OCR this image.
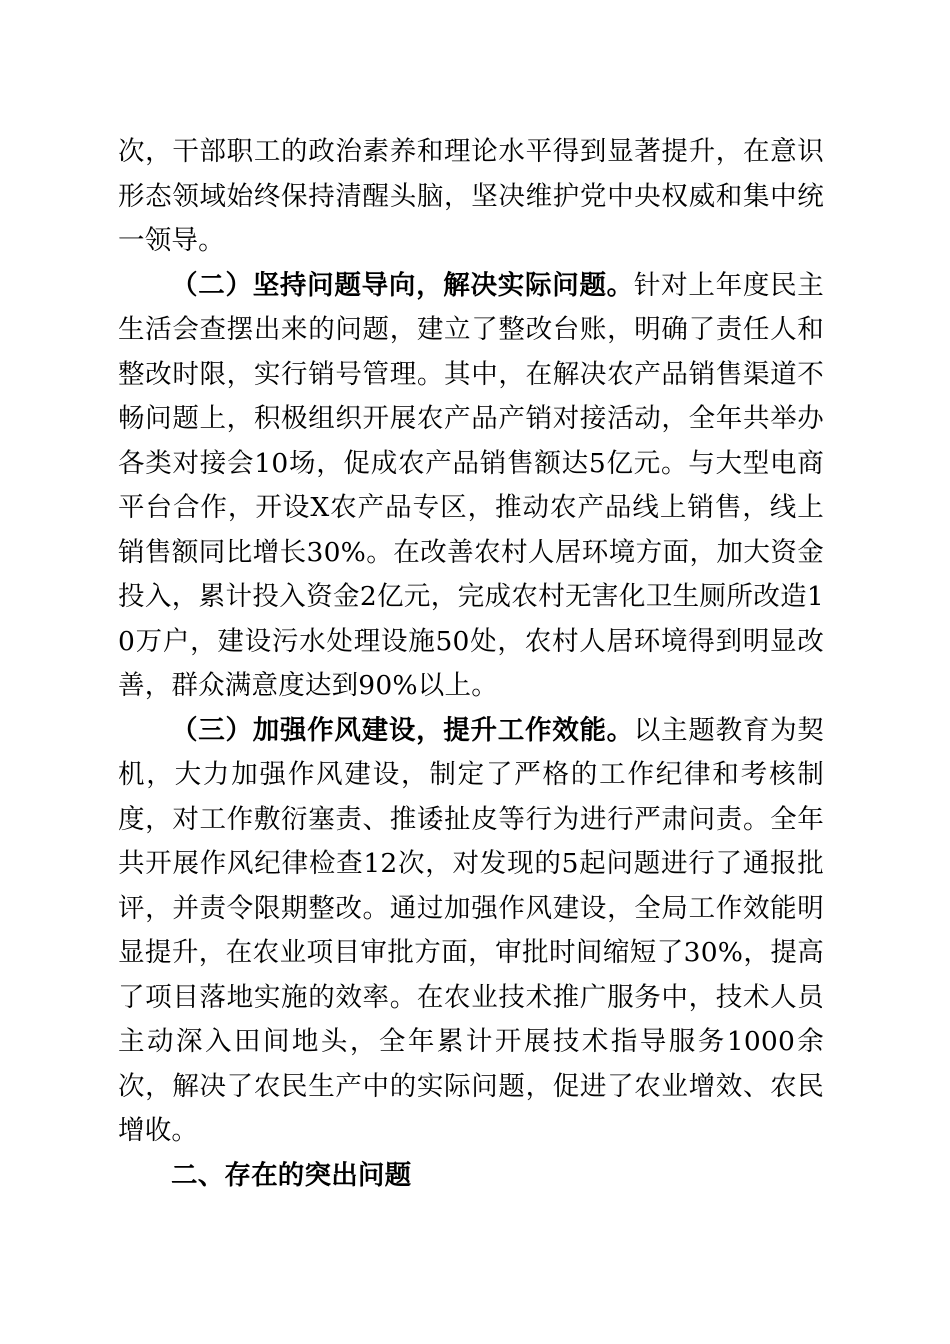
次，干部职工的政治素养和理论水平得到显著提升，在意识形态领域始终保持清醒头脑，坚决维护党中央权威和集中统一领导。

（二）坚持问题导向，解决实际问题。针对上年度民主生活会查摆出来的问题，建立了整改台账，明确了责任人和整改时限，实行销号管理。其中，在解决农产品销售渠道不畅问题上，积极组织开展农产品产销对接活动，全年共举办各类对接会10场，促成农产品销售额达5亿元。与大型电商平台合作，开设X农产品专区，推动农产品线上销售，线上销售额同比增长30%。在改善农村人居环境方面，加大资金投入，累计投入资金2亿元，完成农村无害化卫生厕所改造10万户，建设污水处理设施50处，农村人居环境得到明显改善，群众满意度达到90%以上。

（三）加强作风建设，提升工作效能。以主题教育为契机，大力加强作风建设，制定了严格的工作纪律和考核制度，对工作敷衍塞责、推诿扯皮等行为进行严肃问责。全年共开展作风纪律检查12次，对发现的5起问题进行了通报批评，并责令限期整改。通过加强作风建设，全局工作效能明显提升，在农业项目审批方面，审批时间缩短了30%，提高了项目落地实施的效率。在农业技术推广服务中，技术人员主动深入田间地头，全年累计开展技术指导服务1000余次，解决了农民生产中的实际问题，促进了农业增效、农民增收。

二、存在的突出问题
